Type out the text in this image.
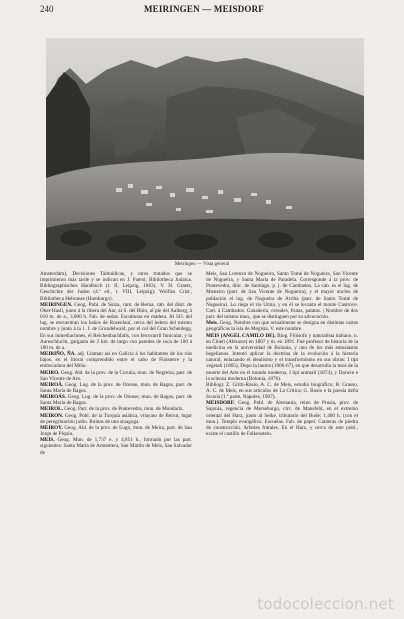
240	MEIRINGEN — MEISDORF
Meiringen — Vista general

Amsterdam), Decisiones Talmúdicas, y otros tratados que se imprimieron más tarde y se indican en J. Fuerst, Bibliotheca Judaica. Bibliographisches Handbuch (t. II, Leipzig, 1863), V. H. Graetz, Geschichte der Juden (4.ª ed., t. VIII, Leipzig); Wolfius Crist., Bibliotheca Hebraeae (Hamburgo).

MEIRINGEN. Geog. Pobl. de Suiza, cant. de Berna, cab. del distr. de Ober-Hasli, junto á la ribera del Aar, al S. del Rhin, al pie del Aalberg, á 610 m. de a., 3,000 h. Fab. de sedas. Esculturas en madera. Al SO. del lug. se encuentran los baños de Rosenlaui, cerca del helero del mismo nombre y junto á la 1. f. de Grundelwaid, por el col del Gran Scheidegg. En sus inmediaciones, el Reichenbachfalls, con ferrocarril funicular, y la Aareschlucht, garganta de 2 km. de largo con paredes de roca de 100 á 180 m. de a.

MEIRIÑO, ÑA. adj. Llaman así en Galicia á los habitantes de los rías bajos, en el litoral comprendido entre el cabo de Finisterre y la embocadura del Miño.

MEIRO. Geog. Ald. de la prov. de la Coruña, mun. de Negreira, parr. de San Vicente de Aro.

MEIROÁ. Geog. Lug. de la prov. de Orense, mun. de Ragos, parr. de Santa María de Ragos.

MEIROÁS. Geog. Lug. de la prov. de Orense, mun. de Ragos, parr. de Santa María de Ragos.

MEIROL. Geog. Parr. de la prov. de Pontevedra, mun. de Mondariz.

MEIRON. Geog. Pobl. de la Turquía asiática, vilayato de Beirut, lugar de peregrinación judío. Ruinas de una sinagoga.

MEIROY. Geog. Ald. de la prov. de Lugo, mun. de Meira, parr. de San Jorge de Piquín.

MEIS. Geog. Mun. de 1,737 e. y 4,851 h., formado por las parr. siguientes: Santa María de Armentera, San Martín de Meis, San Salvador de

Meis, San Lorenzo de Nogueira, Santo Tomé de Nogueira, San Vicente de Nogueira, y Santa María de Paradela. Corresponde á la prov. de Pontevedra, dióc. de Santiago, p. j. de Cambados. La cab. es el lug. de Mosteiro (parr. de San Vicente de Nogueira), y el mayor núcleo de población el lug. de Nogueira de Arriba (parr. de Santo Tomé de Nogueira). Lo riega el río Umia, y en él se levanta el monte Castrove. Carr. á Cambados. Ganadería, cereales, frutas, patatas. | Nombre de dos parr. del mismo mun., que se distinguen por su advocación.

Meis. Geog. Nombre con que actualmente se designa en distintas cartas geográficas la isla de Megista. V. este nombre.

MEIS (ANGEL CAMILO DE). Biog. Filósofo y naturalista italiano, n. en Chieti (Abruzos) en 1807 y m. en 1891. Fué profesor de historia de la medicina en la universidad de Bolonia, y uno de los más entusiastas hegelianos. Intentó aplicar la doctrina de la evolución á la historia natural, enlazando el idealismo y el transformismo en sus obras: I tipi vegetali (1865), Dopo la laurea (1866-67), en que desarrolla la tesis de la muerte del Arte en el mundo moderno, I tipi animali (1874), y Darwin e la scienza moderna (Bolonia, 1876).

Bibliogr. Z. Gritti-Rosio, A. C. de Meis, estudio biográfico; B. Grasso, A. C. de Meis, en sus artículos de La Critica; G. Bosio e la poesia della Scuola (1.ª parte, Nápoles, 1907).

MEISDORF. Geog. Pobl. de Alemania, reino de Prusia, prov. de Sajonia, regencia de Merseburgo, círc. de Mansfeld, en el extremo oriental del Harz, junto al Selke, tributario del Bode; 1,400 h. (con el mun.). Templo evangélico. Escuelas. Fab. de papel. Canteras de piedra de construcción. Arboles frutales. En el Harz, y cerca de este pobl., existe el castillo de Falkenstein.

todocoleccion.net
